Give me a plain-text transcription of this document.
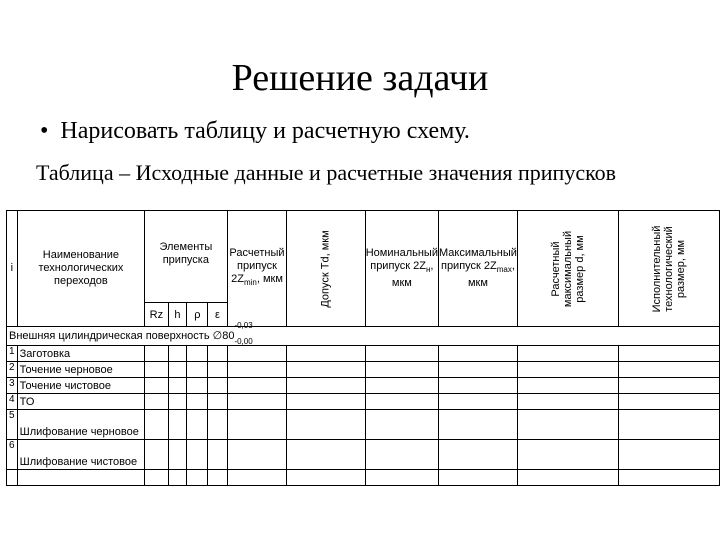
Решение задачи
• Нарисовать таблицу и расчетную схему.
Таблица – Исходные данные и расчетные значения припусков
i	Наименование технологических переходов	Элементы припуска				Расчетный припуск $2Z_{min}$, мкм	Допуск Td, мкм	Номинальный припуск $2Z_н$, мкм	Максимальный припуск $2Z_{max}$, мкм	Расчетный максимальный размер d, мм	Исполнительный технологический размер, мм
		Rz	h	ρ	ε						
Внешняя цилиндрическая поверхность ∅80
-0,03
-0,00											

1	Заготовка										
2	Точение черновое										
3	Точение чистовое										
4	ТО										
5	Шлифование черновое										
6	Шлифование чистовое										
